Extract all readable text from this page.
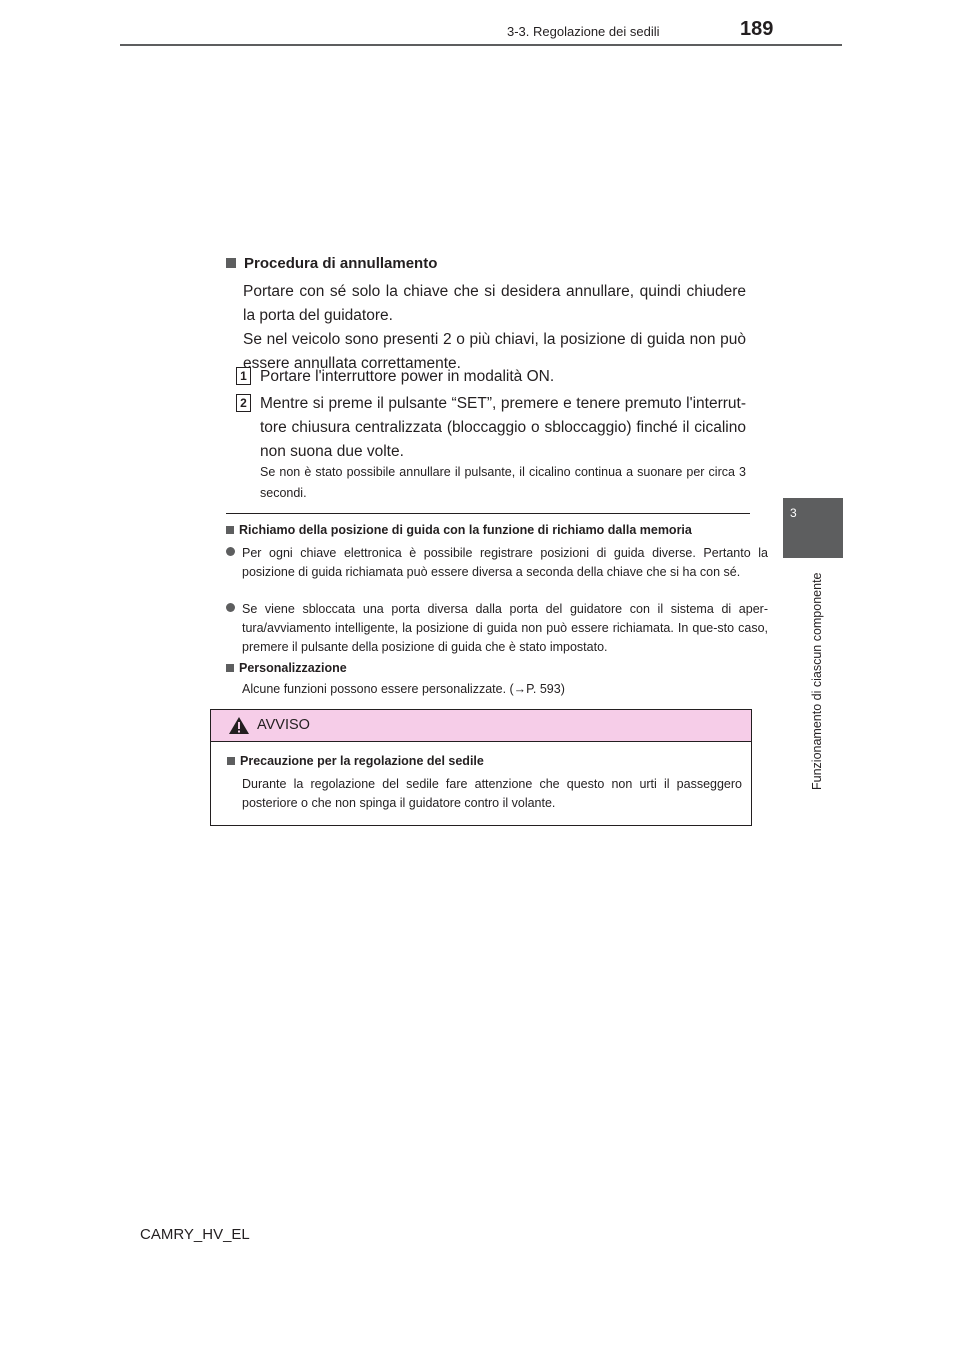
3-3. Regolazione dei sedili	189
3
Funzionamento di ciascun componente
Procedura di annullamento
Portare con sé solo la chiave che si desidera annullare, quindi chiudere la porta del guidatore.
Se nel veicolo sono presenti 2 o più chiavi, la posizione di guida non può essere annullata correttamente.
1 Portare l'interruttore power in modalità ON.
2 Mentre si preme il pulsante “SET”, premere e tenere premuto l'interrut-tore chiusura centralizzata (bloccaggio o sbloccaggio) finché il cicalino non suona due volte.
Se non è stato possibile annullare il pulsante, il cicalino continua a suonare per circa 3 secondi.
Richiamo della posizione di guida con la funzione di richiamo dalla memoria
Per ogni chiave elettronica è possibile registrare posizioni di guida diverse. Pertanto la posizione di guida richiamata può essere diversa a seconda della chiave che si ha con sé.
Se viene sbloccata una porta diversa dalla porta del guidatore con il sistema di aper-tura/avviamento intelligente, la posizione di guida non può essere richiamata. In que-sto caso, premere il pulsante della posizione di guida che è stato impostato.
Personalizzazione
Alcune funzioni possono essere personalizzate. (→P. 593)
AVVISO
Precauzione per la regolazione del sedile
Durante la regolazione del sedile fare attenzione che questo non urti il passeggero posteriore o che non spinga il guidatore contro il volante.
CAMRY_HV_EL
